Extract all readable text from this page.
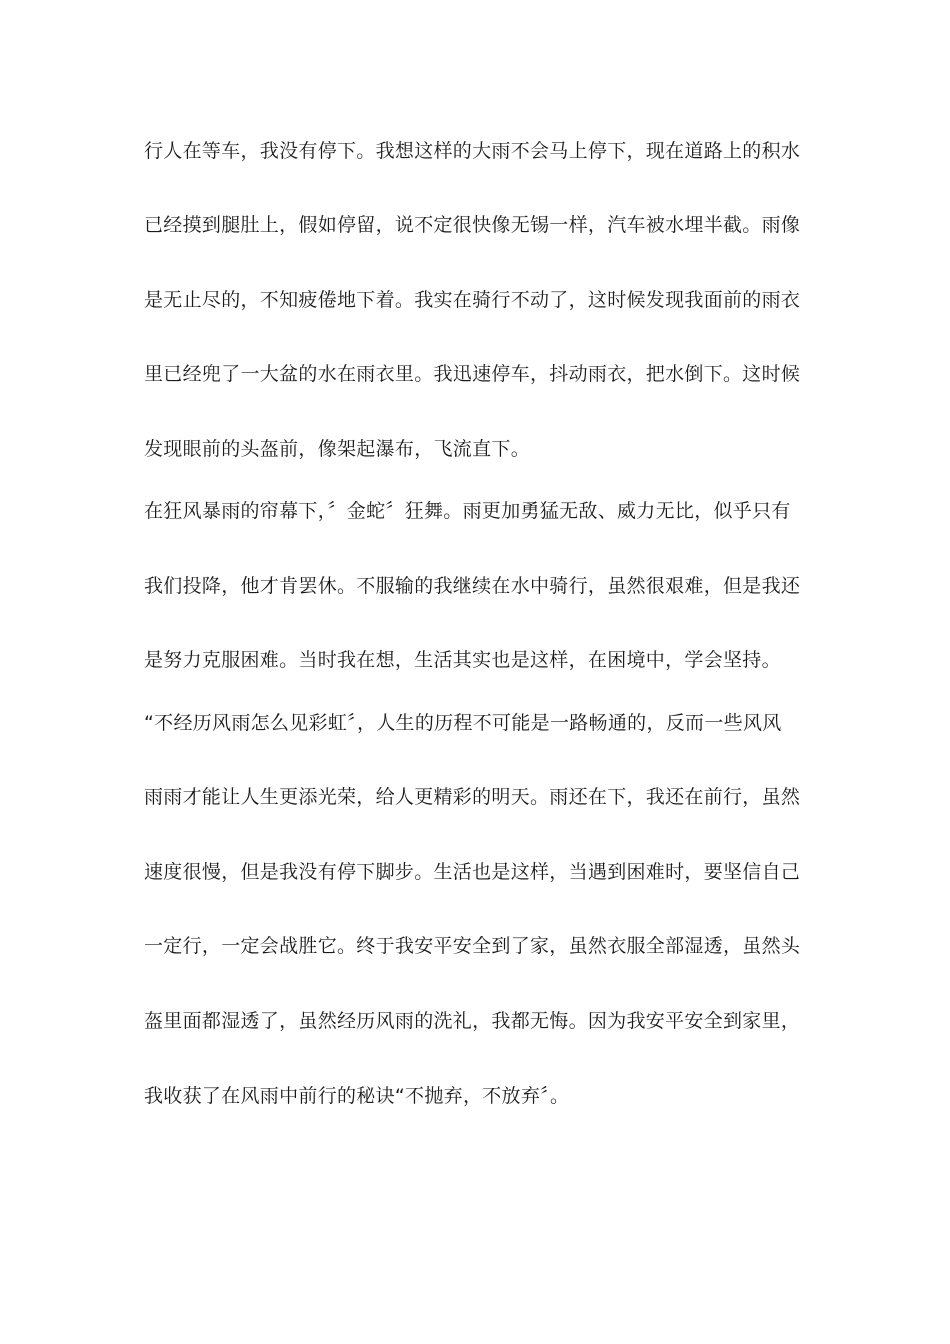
行人在等车，我没有停下。我想这样的大雨不会马上停下，现在道路上的积水
已经摸到腿肚上，假如停留，说不定很快像无锡一样，汽车被水埋半截。雨像
是无止尽的，不知疲倦地下着。我实在骑行不动了，这时候发现我面前的雨衣
里已经兜了一大盆的水在雨衣里。我迅速停车，抖动雨衣，把水倒下。这时候
发现眼前的头盔前，像架起瀑布，飞流直下。
在狂风暴雨的帘幕下，〞金蛇〞狂舞。雨更加勇猛无敌、威力无比，似乎只有
我们投降，他才肯罢休。不服输的我继续在水中骑行，虽然很艰难，但是我还
是努力克服困难。当时我在想，生活其实也是这样，在困境中，学会坚持。
“不经历风雨怎么见彩虹〞，人生的历程不可能是一路畅通的，反而一些风风
雨雨才能让人生更添光荣，给人更精彩的明天。雨还在下，我还在前行，虽然
速度很慢，但是我没有停下脚步。生活也是这样，当遇到困难时，要坚信自己
一定行，一定会战胜它。终于我安平安全到了家，虽然衣服全部湿透，虽然头
盔里面都湿透了，虽然经历风雨的洗礼，我都无悔。因为我安平安全到家里，
我收获了在风雨中前行的秘诀“不抛弃，不放弃〞。
